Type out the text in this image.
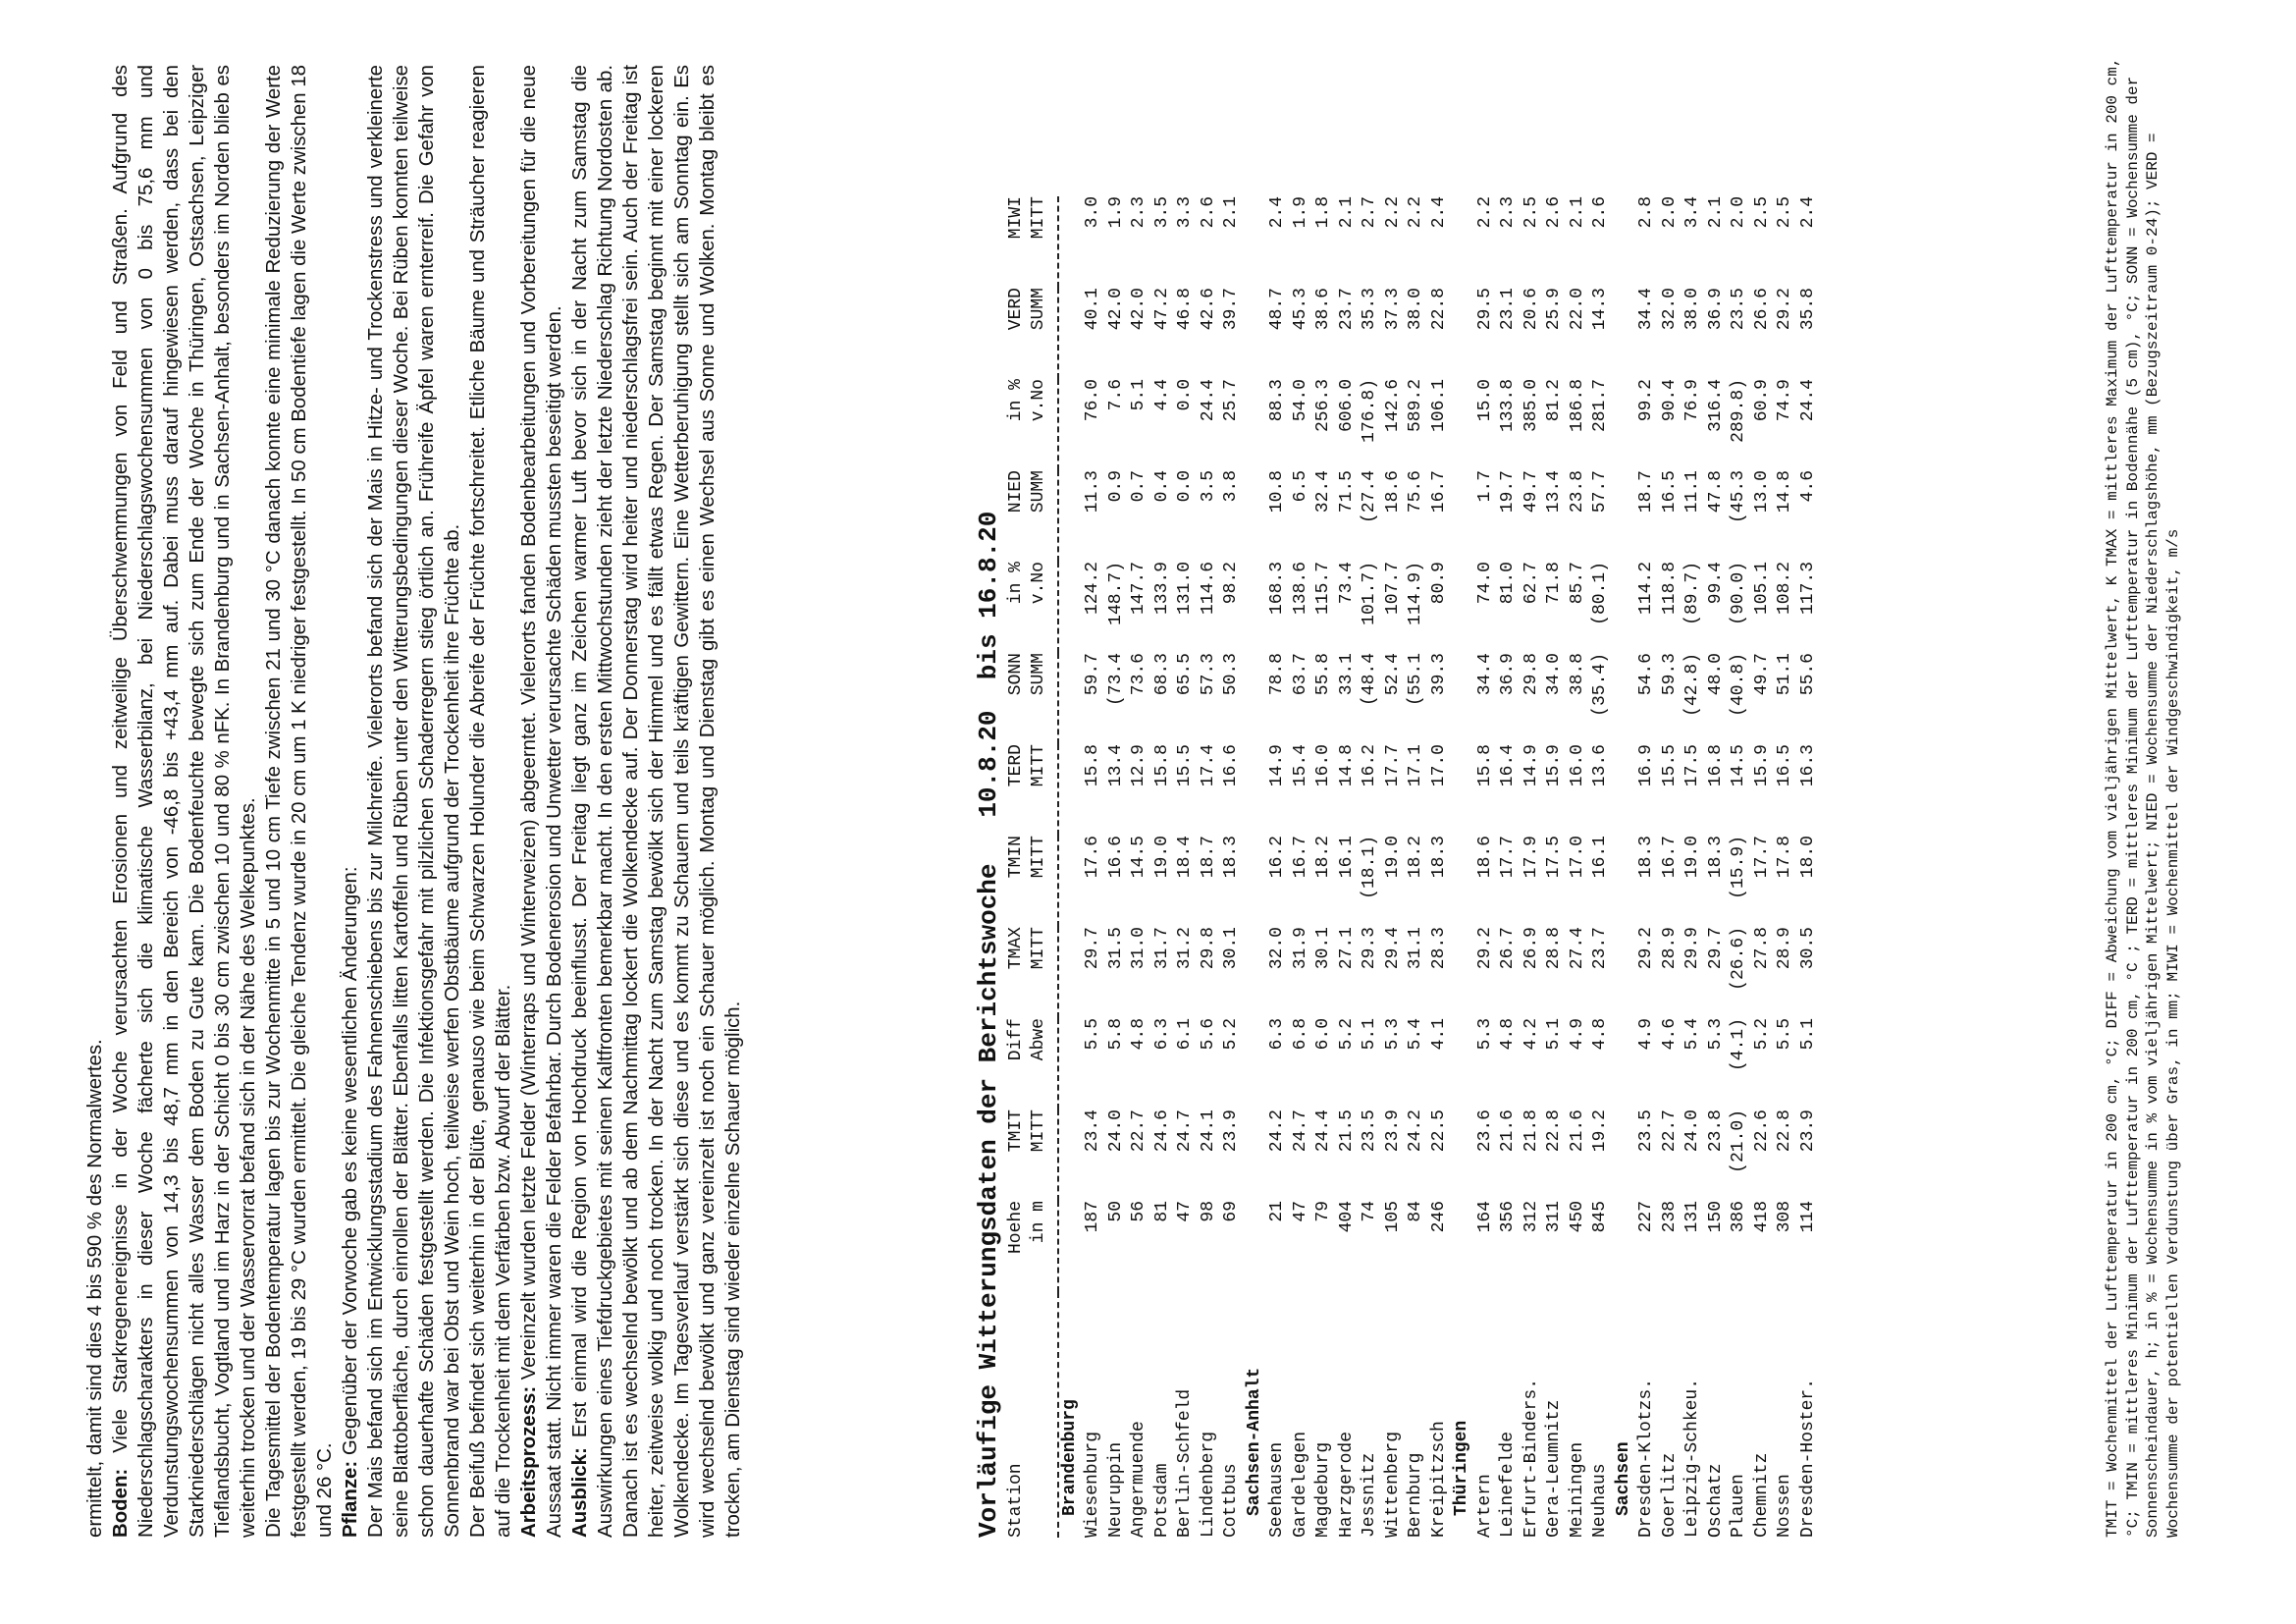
ermittelt, damit sind dies 4 bis 590 % des Normalwertes. Boden: Viele Starkregenereignisse in der Woche verursachten Erosionen und zeitweilige Überschwemmungen von Feld und Straßen. Aufgrund des Niederschlagscharakters in dieser Woche fächerte sich die klimatische Wasserbilanz, bei Niederschlagswochensummen von 0 bis 75,6 mm und Verdunstungswochensummen von 14,3 bis 48,7 mm in den Bereich von -46,8 bis +43,4 mm auf. Dabei muss darauf hingewiesen werden, dass bei den Starkniederschlägen nicht alles Wasser dem Boden zu Gute kam. Die Bodenfeuchte bewegte sich zum Ende der Woche in Thüringen, Ostsachsen, Leipziger Tieflandsbucht, Vogtland und im Harz in der Schicht 0 bis 30 cm zwischen 10 und 80 % nFK. In Brandenburg und in Sachsen-Anhalt, besonders im Norden blieb es weiterhin trocken und der Wasservorrat befand sich in der Nähe des Welkepunktes. Die Tagesmittel der Bodentemperatur lagen bis zur Wochenmitte in 5 und 10 cm Tiefe zwischen 21 und 30 °C danach konnte eine minimale Reduzierung der Werte festgestellt werden, 19 bis 29 °C wurden ermittelt. Die gleiche Tendenz wurde in 20 cm um 1 K niedriger festgestellt. In 50 cm Bodentiefe lagen die Werte zwischen 18 und 26 °C. Pflanze: Gegenüber der Vorwoche gab es keine wesentlichen Änderungen: Der Mais befand sich im Entwicklungsstadium des Fahnenschiebens bis zur Milchreife. Vielerorts befand sich der Mais in Hitze- und Trockenstress und verkleinerte seine Blattoberfläche, durch einrollen der Blätter. Ebenfalls litten Kartoffeln und Rüben unter den Witterungsbedingungen dieser Woche. Bei Rüben konnten teilweise schon dauerhafte Schäden festgestellt werden. Die Infektionsgefahr mit pilzlichen Schaderregern stieg örtlich an. Frühreife Äpfel waren ernterreif. Die Gefahr von Sonnenbrand war bei Obst und Wein hoch, teilweise werfen Obstbäume aufgrund der Trockenheit ihre Früchte ab. Der Beifuß befindet sich weiterhin in der Blüte, genauso wie beim Schwarzen Holunder die Abreife der Früchte fortschreitet. Etliche Bäume und Sträucher reagieren auf die Trockenheit mit dem Verfärben bzw. Abwurf der Blätter. Arbeitsprozess: Vereinzelt wurden letzte Felder (Winterraps und Winterweizen) abgeerntet. Vielerorts fanden Bodenbearbeitungen und Vorbereitungen für die neue Aussaat statt. Nicht immer waren die Felder Befahrbar. Durch Bodenerosion und Unwetter verursachte Schäden mussten beseitigt werden. Ausblick: Erst einmal wird die Region von Hochdruck beeinflusst. Der Freitag liegt ganz im Zeichen warmer Luft bevor sich in der Nacht zum Samstag die Auswirkungen eines Tiefdruckgebietes mit seinen Kaltfronten bemerkbar macht. In den ersten Mittwochstunden zieht der letzte Niederschlag Richtung Nordosten ab. Danach ist es wechselnd bewölkt und ab dem Nachmittag lockert die Wolkendecke auf. Der Donnerstag wird heiter und niederschlagsfrei sein. Auch der Freitag ist heiter, zeitweise wolkig und noch trocken. In der Nacht zum Samstag bewölkt sich der Himmel und es fällt etwas Regen. Der Samstag beginnt mit einer lockeren Wolkendecke. Im Tagesverlauf verstärkt sich diese und es kommt zu Schauern und teils kräftigen Gewittern. Eine Wetterberuhigung stellt sich am Sonntag ein. Es wird wechselnd bewölkt und ganz vereinzelt ist noch ein Schauer möglich. Montag und Dienstag gibt es einen Wechsel aus Sonne und Wolken. Montag bleibt es trocken, am Dienstag sind wieder einzelne Schauer möglich.	Vorläufige Witterungsdaten der Berichtswoche   10.8.20  bis 16.8.20 Station	Hoehe	TMIT	Diff	TMAX	TMIN	TERD	SONN	in %	NIED	in %	VERD	MIWI
	in m	MITT	Abwe	MITT	MITT	MITT	SUMM	v.No	SUMM	v.No	SUMM	MITT

Brandenburg												
Wiesenburg	187	23.4	5.5	29.7	17.6	15.8	59.7	124.2	11.3	76.0	40.1	3.0
Neuruppin	50	24.0	5.8	31.5	16.6	13.4	(73.4	148.7)	0.9	7.6	42.0	1.9
Angermuende	56	22.7	4.8	31.0	14.5	12.9	73.6	147.7	0.7	5.1	42.0	2.3
Potsdam	81	24.6	6.3	31.7	19.0	15.8	68.3	133.9	0.4	4.4	47.2	3.5
Berlin-Schfeld	47	24.7	6.1	31.2	18.4	15.5	65.5	131.0	0.0	0.0	46.8	3.3
Lindenberg	98	24.1	5.6	29.8	18.7	17.4	57.3	114.6	3.5	24.4	42.6	2.6
Cottbus	69	23.9	5.2	30.1	18.3	16.6	50.3	98.2	3.8	25.7	39.7	2.1
Sachsen-Anhalt												
Seehausen	21	24.2	6.3	32.0	16.2	14.9	78.8	168.3	10.8	88.3	48.7	2.4
Gardelegen	47	24.7	6.8	31.9	16.7	15.4	63.7	138.6	6.5	54.0	45.3	1.9
Magdeburg	79	24.4	6.0	30.1	18.2	16.0	55.8	115.7	32.4	256.3	38.6	1.8
Harzgerode	404	21.5	5.2	27.1	16.1	14.8	33.1	73.4	71.5	606.0	23.7	2.1
Jessnitz	74	23.5	5.1	29.3	(18.1)	16.2	(48.4	101.7)	(27.4	176.8)	35.3	2.7
Wittenberg	105	23.9	5.3	29.4	19.0	17.7	52.4	107.7	18.6	142.6	37.3	2.2
Bernburg	84	24.2	5.4	31.1	18.2	17.1	(55.1	114.9)	75.6	589.2	38.0	2.2
Kreipitzsch	246	22.5	4.1	28.3	18.3	17.0	39.3	80.9	16.7	106.1	22.8	2.4
Thüringen												
Artern	164	23.6	5.3	29.2	18.6	15.8	34.4	74.0	1.7	15.0	29.5	2.2
Leinefelde	356	21.6	4.8	26.7	17.7	16.4	36.9	81.0	19.7	133.8	23.1	2.3
Erfurt-Binders.	312	21.8	4.2	26.9	17.9	14.9	29.8	62.7	49.7	385.0	20.6	2.5
Gera-Leumnitz	311	22.8	5.1	28.8	17.5	15.9	34.0	71.8	13.4	81.2	25.9	2.6
Meiningen	450	21.6	4.9	27.4	17.0	16.0	38.8	85.7	23.8	186.8	22.0	2.1
Neuhaus	845	19.2	4.8	23.7	16.1	13.6	(35.4)	(80.1)	57.7	281.7	14.3	2.6
Sachsen												
Dresden-Klotzs.	227	23.5	4.9	29.2	18.3	16.9	54.6	114.2	18.7	99.2	34.4	2.8
Goerlitz	238	22.7	4.6	28.9	16.7	15.5	59.3	118.8	16.5	90.4	32.0	2.0
Leipzig-Schkeu.	131	24.0	5.4	29.9	19.0	17.5	(42.8)	(89.7)	11.1	76.9	38.0	3.4
Oschatz	150	23.8	5.3	29.7	18.3	16.8	48.0	99.4	47.8	316.4	36.9	2.1
Plauen	386	(21.0)	(4.1)	(26.6)	(15.9)	14.5	(40.8)	(90.0)	(45.3	289.8)	23.5	2.0
Chemnitz	418	22.6	5.2	27.8	17.7	15.9	49.7	105.1	13.0	60.9	26.6	2.5
Nossen	308	22.8	5.5	28.9	17.8	16.5	51.1	108.2	14.8	74.9	29.2	2.5
Dresden-Hoster.	114	23.9	5.1	30.5	18.0	16.3	55.6	117.3	4.6	24.4	35.8	2.4	TMIT = Wochenmittel der Lufttemperatur in 200 cm, °C; DIFF = Abweichung vom vieljährigen Mittelwert, K TMAX = mittleres Maximum der Lufttemperatur in 200 cm, °C; TMIN = mittleres Minimum der Lufttemperatur in 200 cm, °C ; TERD = mittleres Minimum der Lufttemperatur in Bodennähe (5 cm), °C; SONN = Wochensumme der Sonnenscheindauer, h; in % = Wochensumme in % vom vieljährigen Mittelwert; NIED = Wochensumme der Niederschlagshöhe, mm (Bezugszeitraum 0-24); VERD = Wochensumme der potentiellen Verdunstung über Gras, in mm; MIWI = Wochenmittel der Windgeschwindigkeit, m/s
